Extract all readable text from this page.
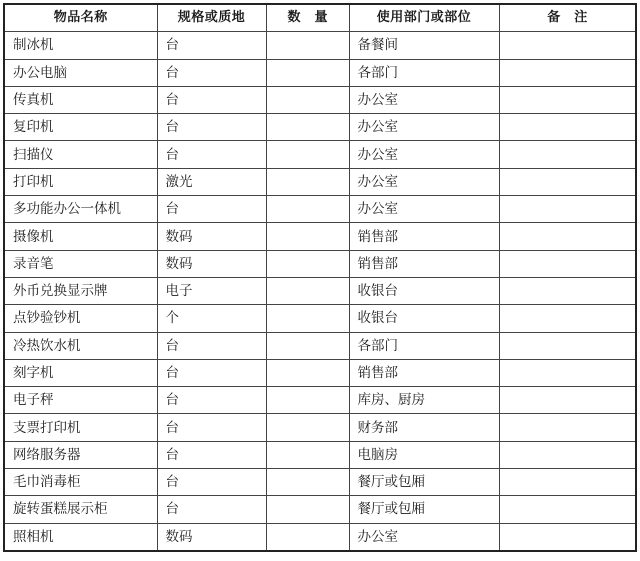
物品名称	规格或质地	数量	使用部门或部位	备注
制冰机	台		备餐间	
办公电脑	台		各部门	
传真机	台		办公室	
复印机	台		办公室	
扫描仪	台		办公室	
打印机	激光		办公室	
多功能办公一体机	台		办公室	
摄像机	数码		销售部	
录音笔	数码		销售部	
外币兑换显示牌	电子		收银台	
点钞验钞机	个		收银台	
冷热饮水机	台		各部门	
刻字机	台		销售部	
电子秤	台		库房、厨房	
支票打印机	台		财务部	
网络服务器	台		电脑房	
毛巾消毒柜	台		餐厅或包厢	
旋转蛋糕展示柜	台		餐厅或包厢	
照相机	数码		办公室	
